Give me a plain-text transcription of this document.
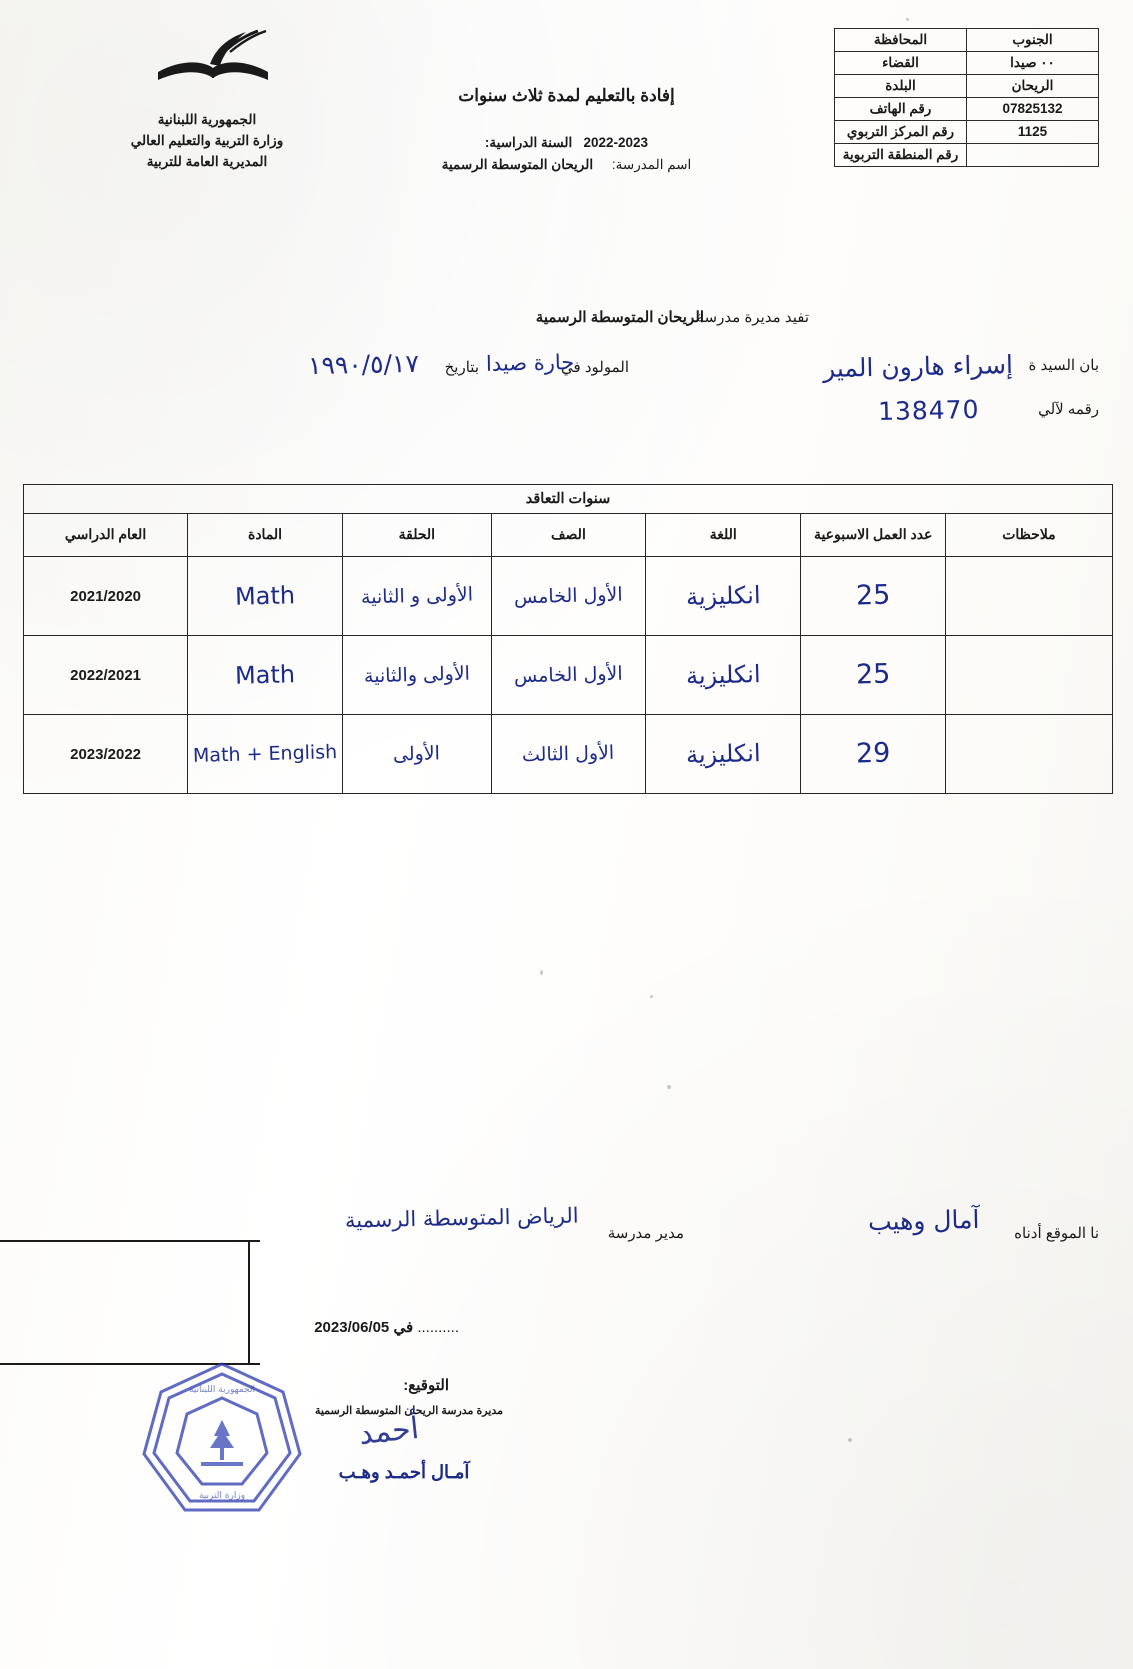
الجنوب	المحافظة
٠٠ صيدا	القضاء
الريحان	البلدة
07825132	رقم الهاتف
1125	رقم المركز التربوي
	رقم المنطقة التربوية
الجمهورية اللبنانية
وزارة التربية والتعليم العالي
المديرية العامة للتربية
إفادة بالتعليم لمدة ثلاث سنوات
2022-2023   السنة الدراسية:
اسم المدرسة:     الريحان المتوسطة الرسمية
تفيد مديرة مدرسة
الريحان المتوسطة الرسمية
بان السيد ة
إسراء هارون المير
المولود في
حارة صيدا
بتاريخ
١٩٩٠/٥/١٧
رقمه لآلي
138470
سنوات التعاقد						
ملاحظات	عدد العمل الاسبوعية	اللغة	الصف	الحلقة	المادة	العام الدراسي
	25	انكليزية	الأول الخامس	الأولى و الثانية	Math	2021/2020
	25	انكليزية	الأول الخامس	الأولى والثانية	Math	2022/2021
	29	انكليزية	الأول الثالث	الأولى	Math + English	2023/2022
نا الموقع أدناه
آمال وهيب
مدير مدرسة
الرياض المتوسطة الرسمية
.......... في 2023/06/05
التوقيع:
مديرة مدرسة الريحان المتوسطة الرسمية
أحمد
آمـال أحمـد وهـب
الجمهورية اللبنانية
وزارة التربية
